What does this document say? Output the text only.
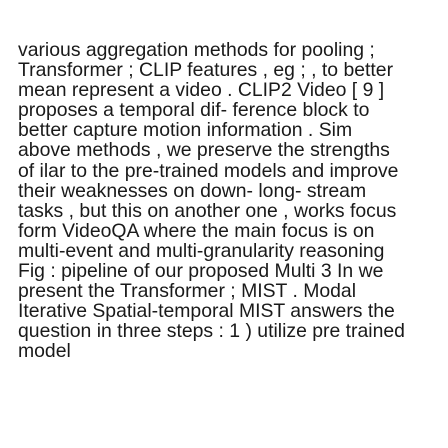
various aggregation methods for pooling ;
Transformer ; CLIP features , eg ; , to better
mean represent a video . CLIP2 Video [ 9 ]
proposes a temporal dif- ference block to
better capture motion information . Sim
above methods , we preserve the strengths
of ilar to the pre-trained models and improve
their weaknesses on down- long- stream
tasks , but this on another one , works focus
form VideoQA where the main focus is on
multi-event and multi-granularity reasoning
Fig : pipeline of our proposed Multi 3 In we
present the Transformer ; MIST . Modal
Iterative Spatial-temporal MIST answers the
question in three steps : 1 ) utilize pre trained
model
